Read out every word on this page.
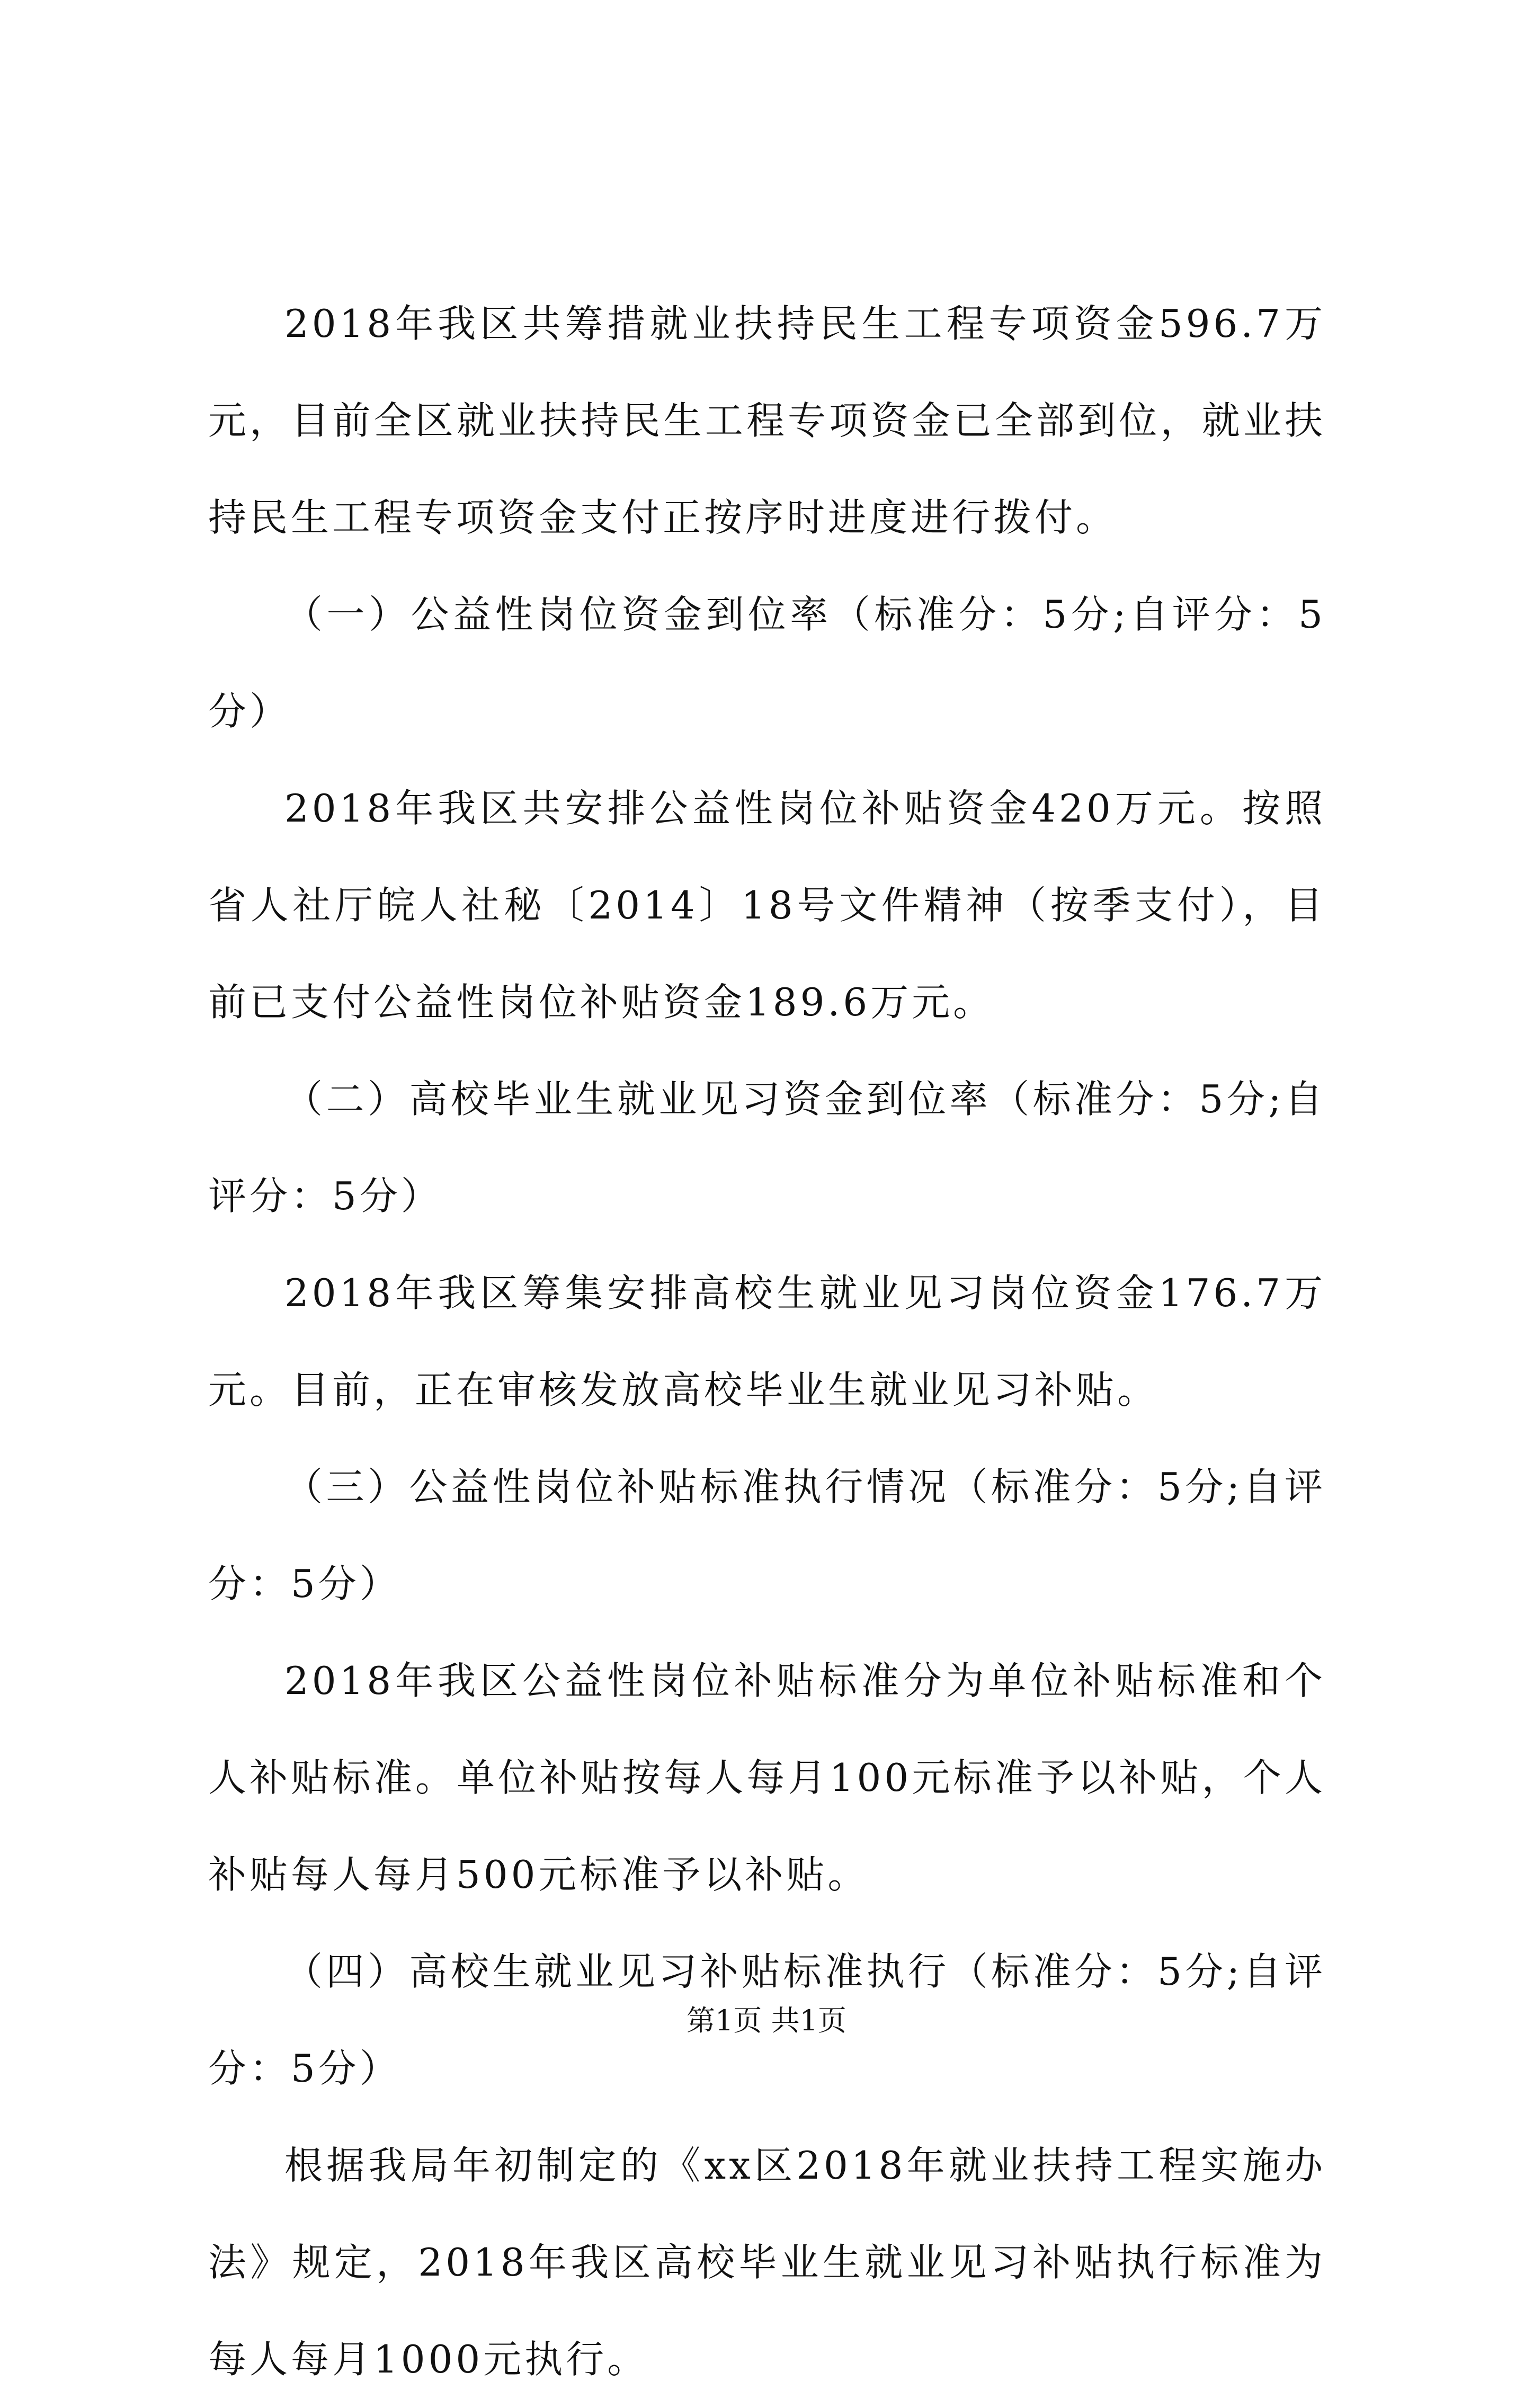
2018年我区共筹措就业扶持民生工程专项资金596.7万元，目前全区就业扶持民生工程专项资金已全部到位，就业扶持民生工程专项资金支付正按序时进度进行拨付。

（一）公益性岗位资金到位率（标准分：5分;自评分：5分）

2018年我区共安排公益性岗位补贴资金420万元。按照省人社厅皖人社秘〔2014〕18号文件精神（按季支付），目前已支付公益性岗位补贴资金189.6万元。

（二）高校毕业生就业见习资金到位率（标准分：5分;自评分：5分）

2018年我区筹集安排高校生就业见习岗位资金176.7万元。目前，正在审核发放高校毕业生就业见习补贴。

（三）公益性岗位补贴标准执行情况（标准分：5分;自评分：5分）

2018年我区公益性岗位补贴标准分为单位补贴标准和个人补贴标准。单位补贴按每人每月100元标准予以补贴，个人补贴每人每月500元标准予以补贴。

（四）高校生就业见习补贴标准执行（标准分：5分;自评分：5分）

根据我局年初制定的《xx区2018年就业扶持工程实施办法》规定，2018年我区高校毕业生就业见习补贴执行标准为每人每月1000元执行。

第1页 共1页
